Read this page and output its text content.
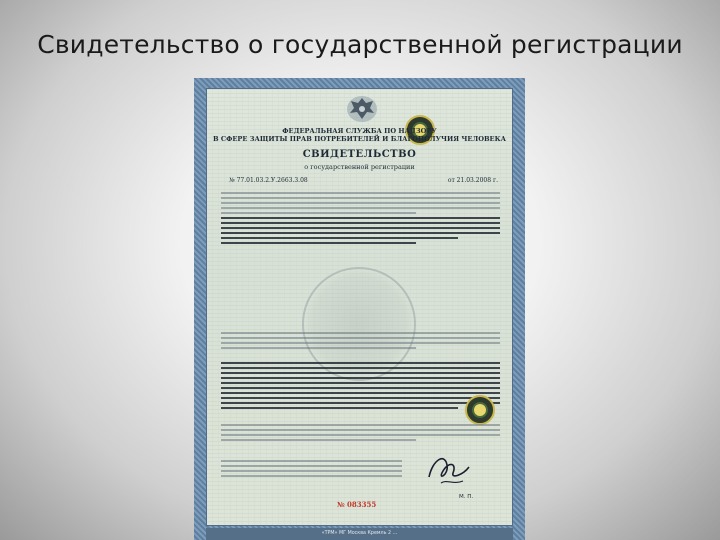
Свидетельство о государственной регистрации
ФЕДЕРАЛЬНАЯ СЛУЖБА ПО НАДЗОРУ
В СФЕРЕ ЗАЩИТЫ ПРАВ ПОТРЕБИТЕЛЕЙ И БЛАГОПОЛУЧИЯ ЧЕЛОВЕКА
СВИДЕТЕЛЬСТВО
о государственной регистрации
№ 77.01.03.2.У.2663.3.08	от 21.03.2008 г.
М. П.
№ 083355
«ТРМ» МГ Москва Кремль 2 …
